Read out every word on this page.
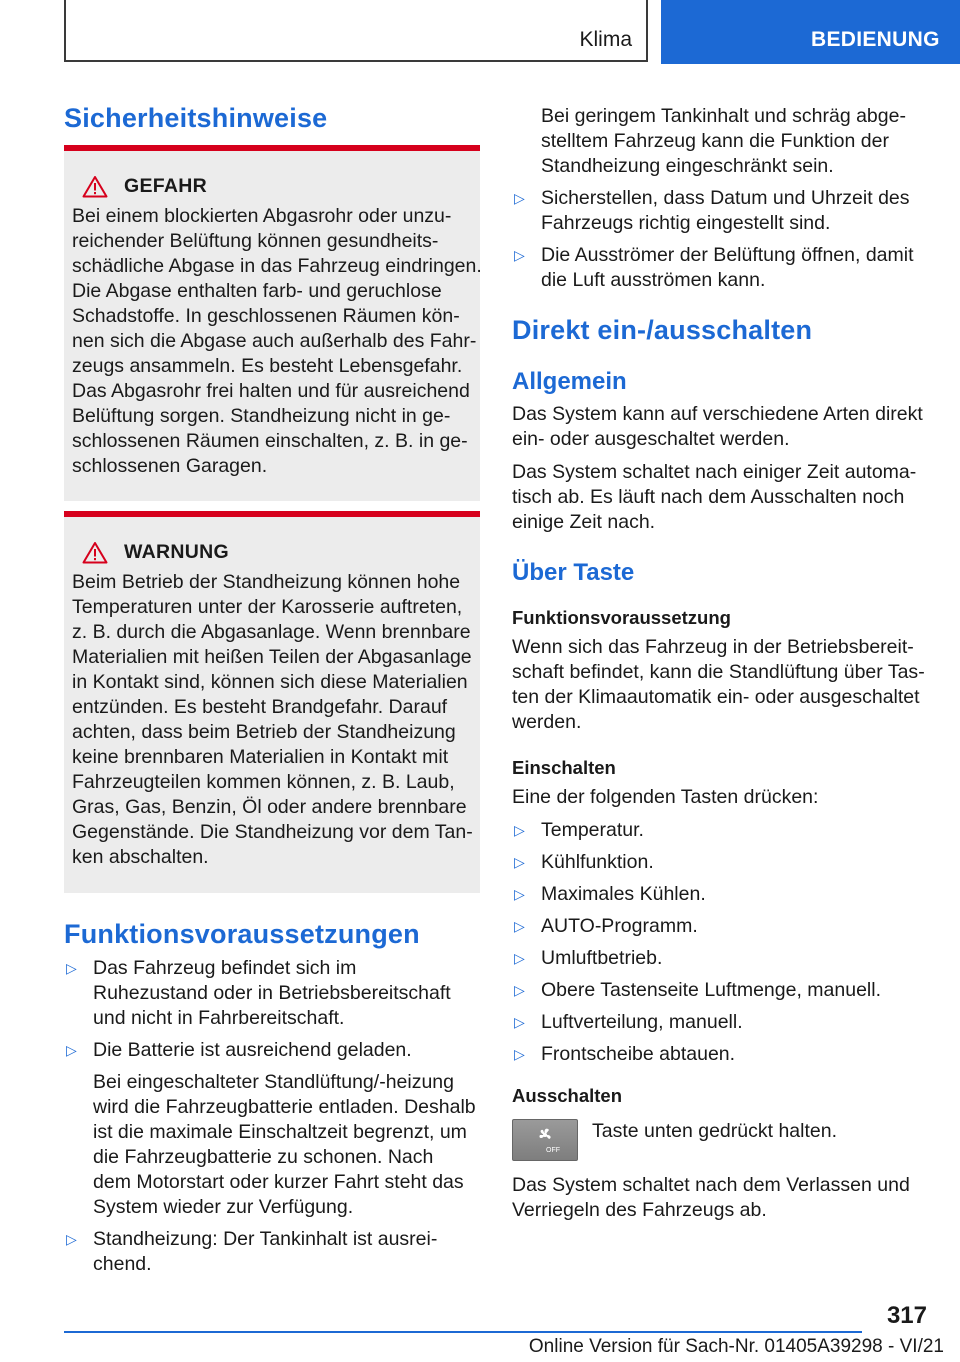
Klima	BEDIENUNG
Sicherheitshinweise
GEFAHR

Bei einem blockierten Abgasrohr oder unzu-

reichender Belüftung können gesundheits-

schädliche Abgase in das Fahrzeug eindringen.

Die Abgase enthalten farb- und geruchlose

Schadstoffe. In geschlossenen Räumen kön-

nen sich die Abgase auch außerhalb des Fahr-

zeugs ansammeln. Es besteht Lebensgefahr.

Das Abgasrohr frei halten und für ausreichend

Belüftung sorgen. Standheizung nicht in ge-

schlossenen Räumen einschalten, z. B. in ge-

schlossenen Garagen.

WARNUNG

Beim Betrieb der Standheizung können hohe

Temperaturen unter der Karosserie auftreten,

z. B. durch die Abgasanlage. Wenn brennbare

Materialien mit heißen Teilen der Abgasanlage

in Kontakt sind, können sich diese Materialien

entzünden. Es besteht Brandgefahr. Darauf

achten, dass beim Betrieb der Standheizung

keine brennbaren Materialien in Kontakt mit

Fahrzeugteilen kommen können, z. B. Laub,

Gras, Gas, Benzin, Öl oder andere brennbare

Gegenstände. Die Standheizung vor dem Tan-

ken abschalten.

Funktionsvoraussetzungen
▷ Das Fahrzeug befindet sich im Ruhezustand oder in Betriebsbereitschaft und nicht in Fahrbereitschaft.
▷ Die Batterie ist ausreichend geladen.

Bei eingeschalteter Standlüftung/-heizung wird die Fahrzeugbatterie entladen. Deshalb ist die maximale Einschaltzeit begrenzt, um die Fahrzeugbatterie zu schonen. Nach dem Motorstart oder kurzer Fahrt steht das System wieder zur Verfügung.

▷ Standheizung: Der Tankinhalt ist ausreichend.

Bei geringem Tankinhalt und schräg abgestelltem Fahrzeug kann die Funktion der Standheizung eingeschränkt sein.

▷ Sicherstellen, dass Datum und Uhrzeit des Fahrzeugs richtig eingestellt sind.
▷ Die Ausströmer der Belüftung öffnen, damit die Luft ausströmen kann.
Direkt ein-/ausschalten
Allgemein

Das System kann auf verschiedene Arten direkt ein- oder ausgeschaltet werden.

Das System schaltet nach einiger Zeit automatisch ab. Es läuft nach dem Ausschalten noch einige Zeit nach.

Über Taste
Funktionsvoraussetzung

Wenn sich das Fahrzeug in der Betriebsbereitschaft befindet, kann die Standlüftung über Tasten der Klimaautomatik ein- oder ausgeschaltet werden.

Einschalten

Eine der folgenden Tasten drücken:

▷ Temperatur.
▷ Kühlfunktion.
▷ Maximales Kühlen.
▷ AUTO-Programm.
▷ Umluftbetrieb.
▷ Obere Tastenseite Luftmenge, manuell.
▷ Luftverteilung, manuell.
▷ Frontscheibe abtauen.
Ausschalten
OFF

Taste unten gedrückt halten.

Das System schaltet nach dem Verlassen und Verriegeln des Fahrzeugs ab.

317
Online Version für Sach-Nr. 01405A39298 - VI/21
